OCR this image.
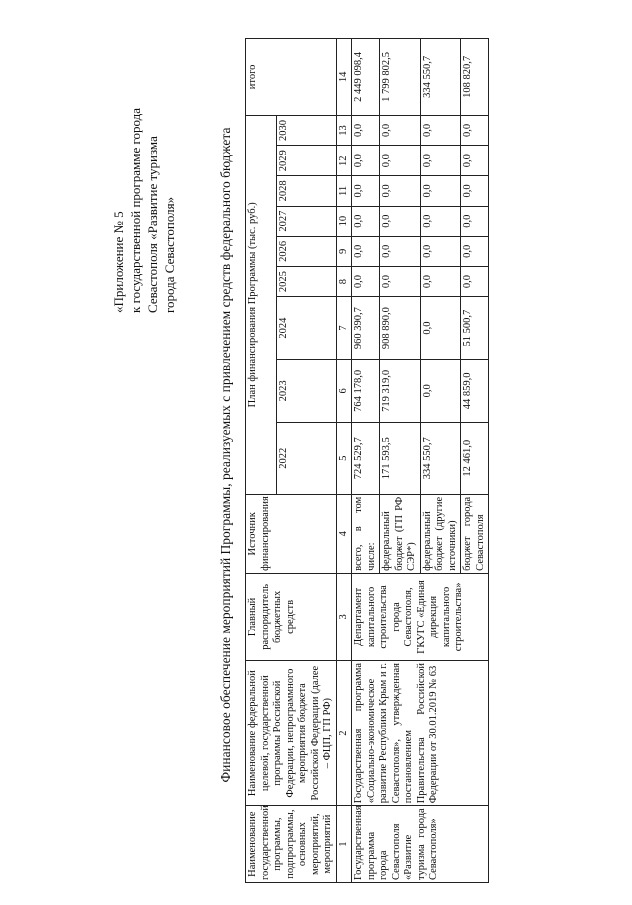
«Приложение № 5 к государственной программе города Севастополя «Развитие туризма города Севастополя»	Финансовое обеспечение мероприятий Программы, реализуемых с привлечением средств федерального бюджета
Наименование государственной программы, подпрограммы, основных мероприятий, мероприятий	Наименование федеральной целевой, государственной программы Российской Федерации, непрограммного мероприятия бюджета Российской Федерации (далее – ФЦП, ГП РФ)	Главный распорядитель бюджетных средств	Источник финансирования	План финансирования Программы (тыс. руб.)									итого
				2022	2023	2024	2025	2026	2027	2028	2029	2030	
1	2	3	4	5	6	7	8	9	10	11	12	13	14
Государственная программа города Севастополя «Развитие туризма города Севастополя»	Государственная программа «Социально-экономическое развитие Республики Крым и г. Севастополя», утвержденная постановлением Правительства Российской Федерации от 30.01.2019 № 63	Департамент капитального строительства города Севастополя, ГКУГС «Единая дирекция капитального строительства»	всего, в том числе:	724 529,7	764 178,0	960 390,7	0,0	0,0	0,0	0,0	0,0	0,0	2 449 098,4
			федеральный бюджет (ГП РФ СЭР*)	171 593,5	719 319,0	908 890,0	0,0	0,0	0,0	0,0	0,0	0,0	1 799 802,5
			федеральный бюджет (другие источники)	334 550,7	0,0	0,0	0,0	0,0	0,0	0,0	0,0	0,0	334 550,7
			бюджет города Севастополя	12 461,0	44 859,0	51 500,7	0,0	0,0	0,0	0,0	0,0	0,0	108 820,7
